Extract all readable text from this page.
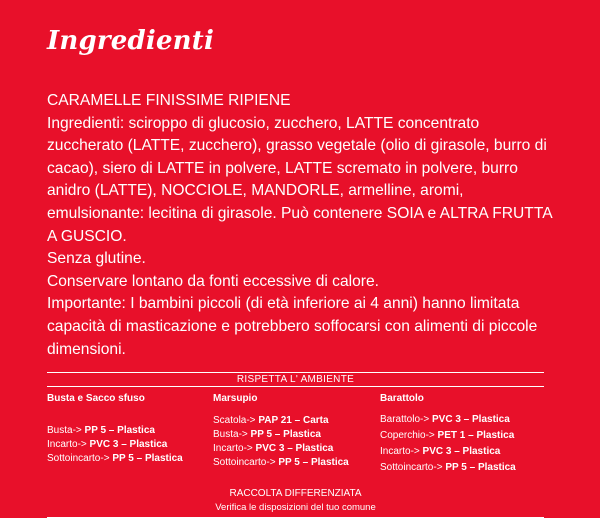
Ingredienti

CARAMELLE FINISSIME RIPIENE

Ingredienti: sciroppo di glucosio, zucchero, LATTE concentrato zuccherato (LATTE, zucchero), grasso vegetale (olio di girasole, burro di cacao), siero di LATTE in polvere, LATTE scremato in polvere, burro anidro (LATTE), NOCCIOLE, MANDORLE, armelline, aromi, emulsionante: lecitina di girasole. Può contenere SOIA e ALTRA FRUTTA A GUSCIO.

Senza glutine.

Conservare lontano da fonti eccessive di calore.

Importante: I bambini piccoli (di età inferiore ai 4 anni) hanno limitata capacità di masticazione e potrebbero soffocarsi con alimenti di piccole dimensioni.

RISPETTA L' AMBIENTE
Busta e Sacco sfuso
Busta-> PP 5 – Plastica
Incarto-> PVC 3 – Plastica
Sottoincarto-> PP 5 – Plastica
Marsupio
Scatola-> PAP 21 – Carta
Busta-> PP 5 – Plastica
Incarto-> PVC 3 – Plastica
Sottoincarto-> PP 5 – Plastica
Barattolo
Barattolo-> PVC 3 – Plastica
Coperchio-> PET 1 – Plastica
Incarto-> PVC 3 – Plastica
Sottoincarto-> PP 5 – Plastica
RACCOLTA DIFFERENZIATA
Verifica le disposizioni del tuo comune
